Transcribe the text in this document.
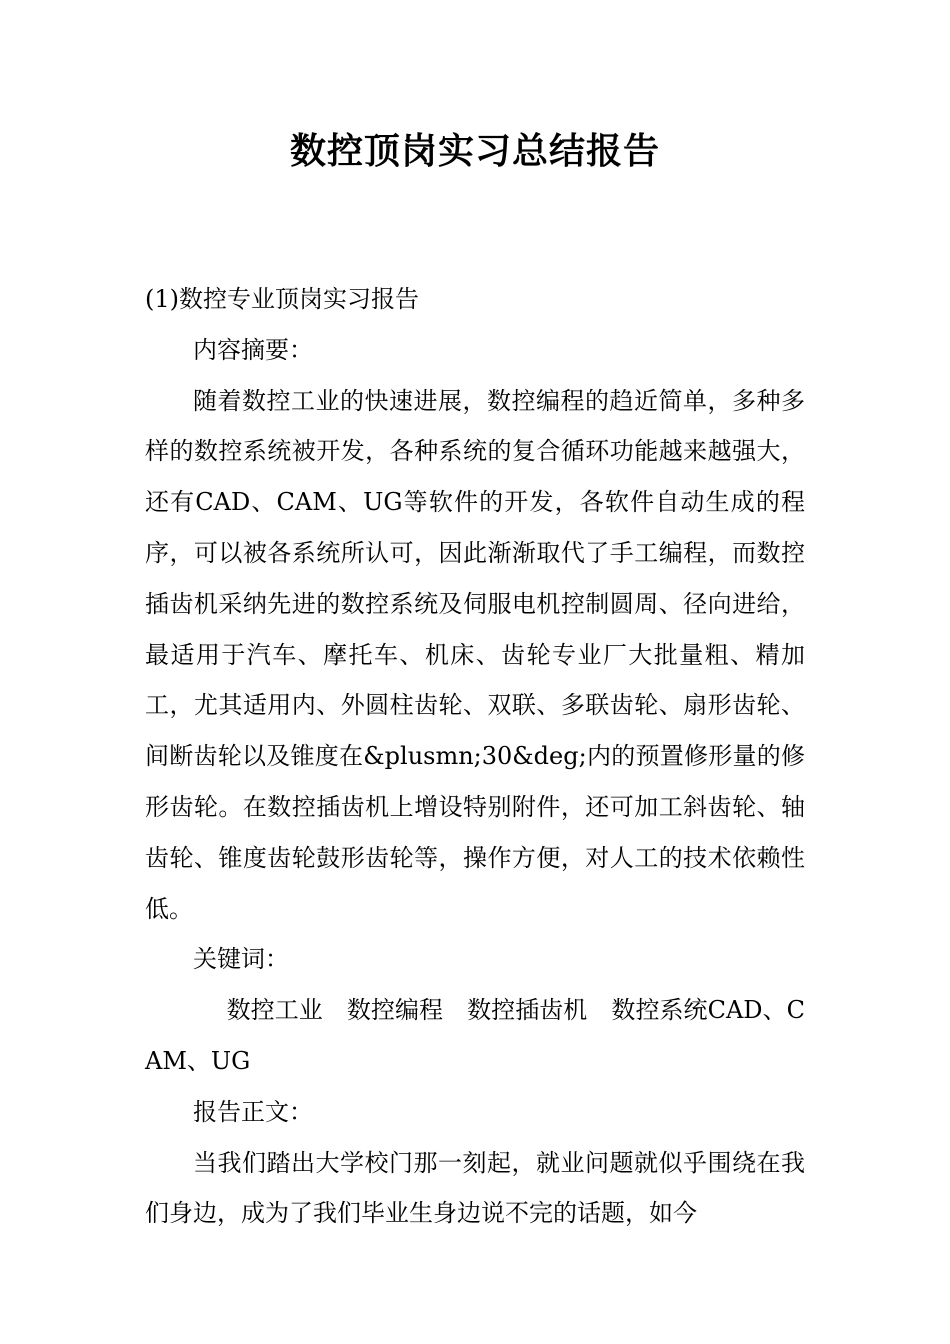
数控顶岗实习总结报告

(1)数控专业顶岗实习报告

内容摘要：

随着数控工业的快速进展，数控编程的趋近简单，多种多样的数控系统被开发，各种系统的复合循环功能越来越强大，还有CAD、CAM、UG等软件的开发，各软件自动生成的程序，可以被各系统所认可，因此渐渐取代了手工编程，而数控插齿机采纳先进的数控系统及伺服电机控制圆周、径向进给，最适用于汽车、摩托车、机床、齿轮专业厂大批量粗、精加工，尤其适用内、外圆柱齿轮、双联、多联齿轮、扇形齿轮、间断齿轮以及锥度在&plusmn;30&deg;内的预置修形量的修形齿轮。在数控插齿机上增设特别附件，还可加工斜齿轮、轴齿轮、锥度齿轮鼓形齿轮等，操作方便，对人工的技术依赖性低。

关键词：

数控工业　数控编程　数控插齿机　数控系统CAD、CAM、UG

报告正文：

当我们踏出大学校门那一刻起，就业问题就似乎围绕在我们身边，成为了我们毕业生身边说不完的话题，如今
